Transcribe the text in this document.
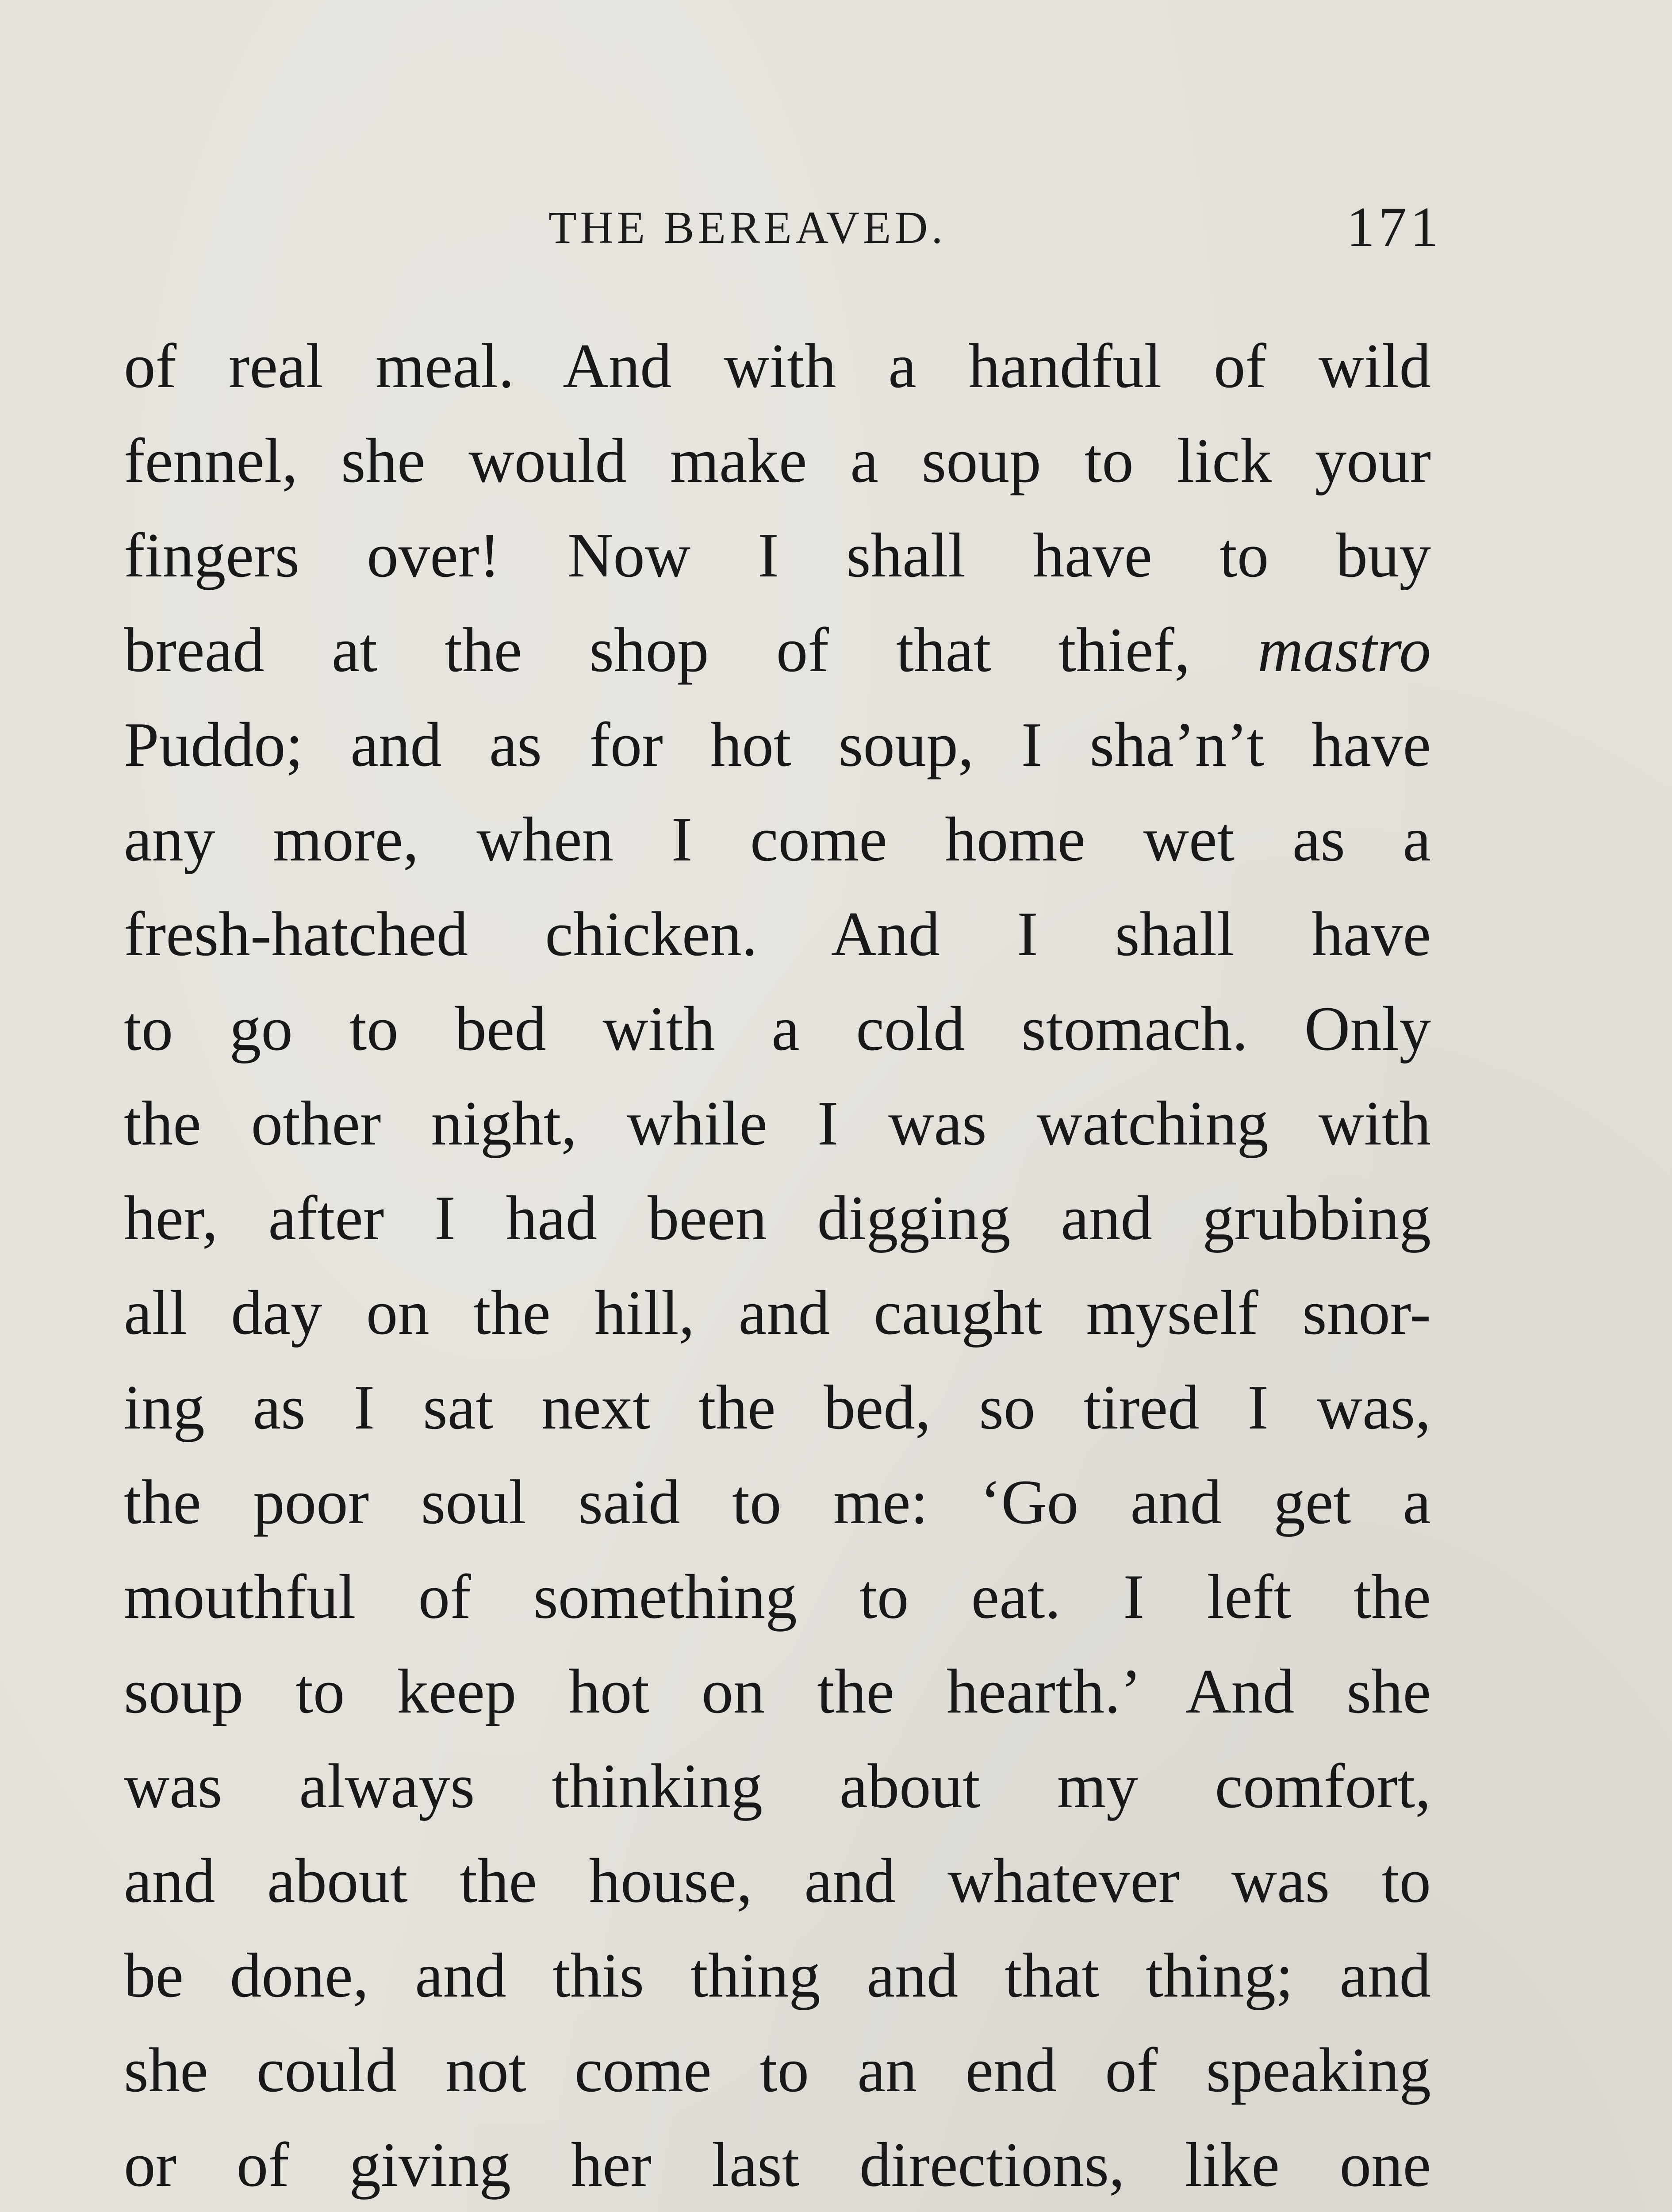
THE BEREAVED.	171
of real meal. And with a handful of wild
fennel, she would make a soup to lick your
fingers over! Now I shall have to buy
bread at the shop of that thief, mastro
Puddo; and as for hot soup, I sha’n’t have
any more, when I come home wet as a
fresh-hatched chicken. And I shall have
to go to bed with a cold stomach. Only
the other night, while I was watching with
her, after I had been digging and grubbing
all day on the hill, and caught myself snor-
ing as I sat next the bed, so tired I was,
the poor soul said to me: ‘Go and get a
mouthful of something to eat. I left the
soup to keep hot on the hearth.’ And she
was always thinking about my comfort,
and about the house, and whatever was to
be done, and this thing and that thing; and
she could not come to an end of speaking
or of giving her last directions, like one
